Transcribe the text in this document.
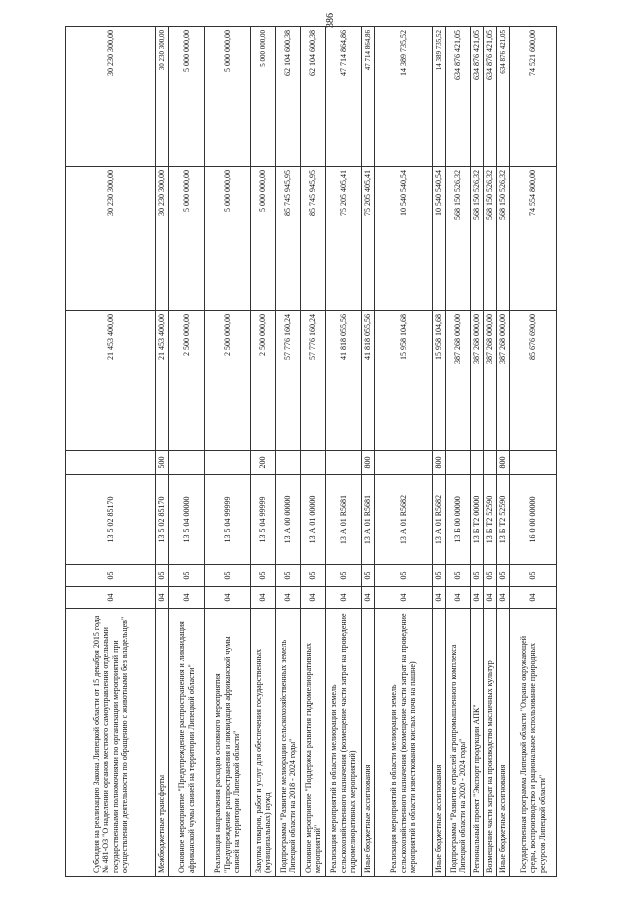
386
Субсидия на реализацию Закона Липецкой области от 15 декабря 2015 года № 481-ОЗ "О наделении органов местного самоуправления отдельными государственными полномочиями по организации мероприятий при осуществлении деятельности по обращению с животными без владельцев"	04	05	13 5 02 85170		21 453 400,00	30 230 300,00	30 230 300,00
Межбюджетные трансферты	04	05	13 5 02 85170	500	21 453 400,00	30 230 300,00	30 230 300,00
Основное мероприятие "Предупреждение распространения и ликвидация африканской чумы свиней на территории Липецкой области"	04	05	13 5 04 00000		2 500 000,00	5 000 000,00	5 000 000,00
Реализация направления расходов основного мероприятия "Предупреждение распространения и ликвидация африканской чумы свиней на территории Липецкой области"	04	05	13 5 04 99999		2 500 000,00	5 000 000,00	5 000 000,00
Закупка товаров, работ и услуг для обеспечения государственных (муниципальных) нужд	04	05	13 5 04 99999	200	2 500 000,00	5 000 000,00	5 000 000,00
Подпрограмма "Развитие мелиорации сельскохозяйственных земель Липецкой области на 2018 - 2024 годы"	04	05	13 А 00 00000		57 776 160,24	85 745 945,95	62 104 600,38
Основное мероприятие "Поддержка развития гидромелиоративных мероприятий"	04	05	13 А 01 00000		57 776 160,24	85 745 945,95	62 104 600,38
Реализация мероприятий в области мелиорации земель сельскохозяйственного назначения (возмещение части затрат на проведение гидромелиоративных мероприятий)	04	05	13 А 01 R5681		41 818 055,56	75 205 405,41	47 714 864,86
Иные бюджетные ассигнования	04	05	13 А 01 R5681	800	41 818 055,56	75 205 405,41	47 714 864,86
Реализация мероприятий в области мелиорации земель сельскохозяйственного назначения (возмещение части затрат на проведение мероприятий в области известкования кислых почв на пашне)	04	05	13 А 01 R5682		15 958 104,68	10 540 540,54	14 389 735,52
Иные бюджетные ассигнования	04	05	13 А 01 R5682	800	15 958 104,68	10 540 540,54	14 389 735,52
Подпрограмма "Развитие отраслей агропромышленного комплекса Липецкой области на 2020 - 2024 годы"	04	05	13 Б 00 00000		387 268 000,00	568 150 526,32	634 876 421,05
Региональный проект "Экспорт продукции АПК"	04	05	13 Б T2 00000		387 268 000,00	568 150 526,32	634 876 421,05
Возмещение части затрат на производство масличных культур	04	05	13 Б T2 52590		387 268 000,00	568 150 526,32	634 876 421,05
Иные бюджетные ассигнования	04	05	13 Б T2 52590	800	387 268 000,00	568 150 526,32	634 876 421,05
Государственная программа Липецкой области "Охрана окружающей среды, воспроизводство и рациональное использование природных ресурсов Липецкой области"	04	05	16 0 00 00000		85 676 690,00	74 554 800,00	74 521 600,00
